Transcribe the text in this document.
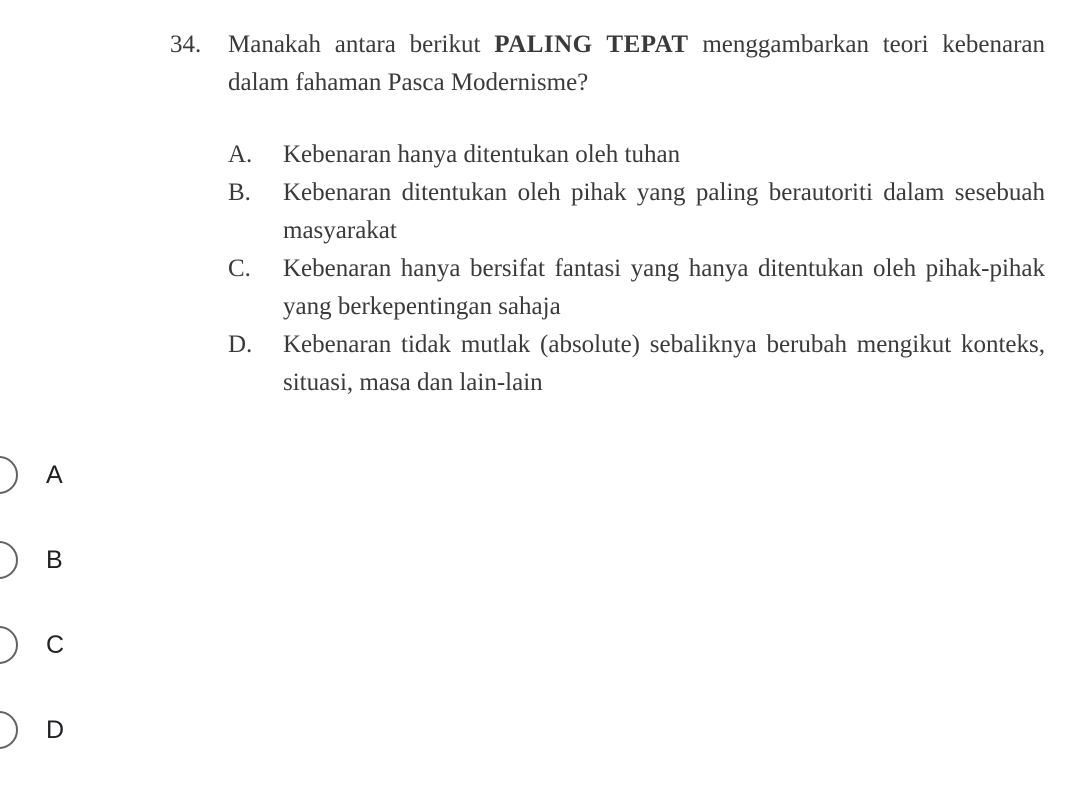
34.	Manakah antara berikut PALING TEPAT menggambarkan teori kebenaran dalam fahaman Pasca Modernisme?
A.	Kebenaran hanya ditentukan oleh tuhan
B.	Kebenaran ditentukan oleh pihak yang paling berautoriti dalam sesebuah masyarakat
C.	Kebenaran hanya bersifat fantasi yang hanya ditentukan oleh pihak-pihak yang berkepentingan sahaja
D.	Kebenaran tidak mutlak (absolute) sebaliknya berubah mengikut konteks, situasi, masa dan lain-lain
A
B
C
D
